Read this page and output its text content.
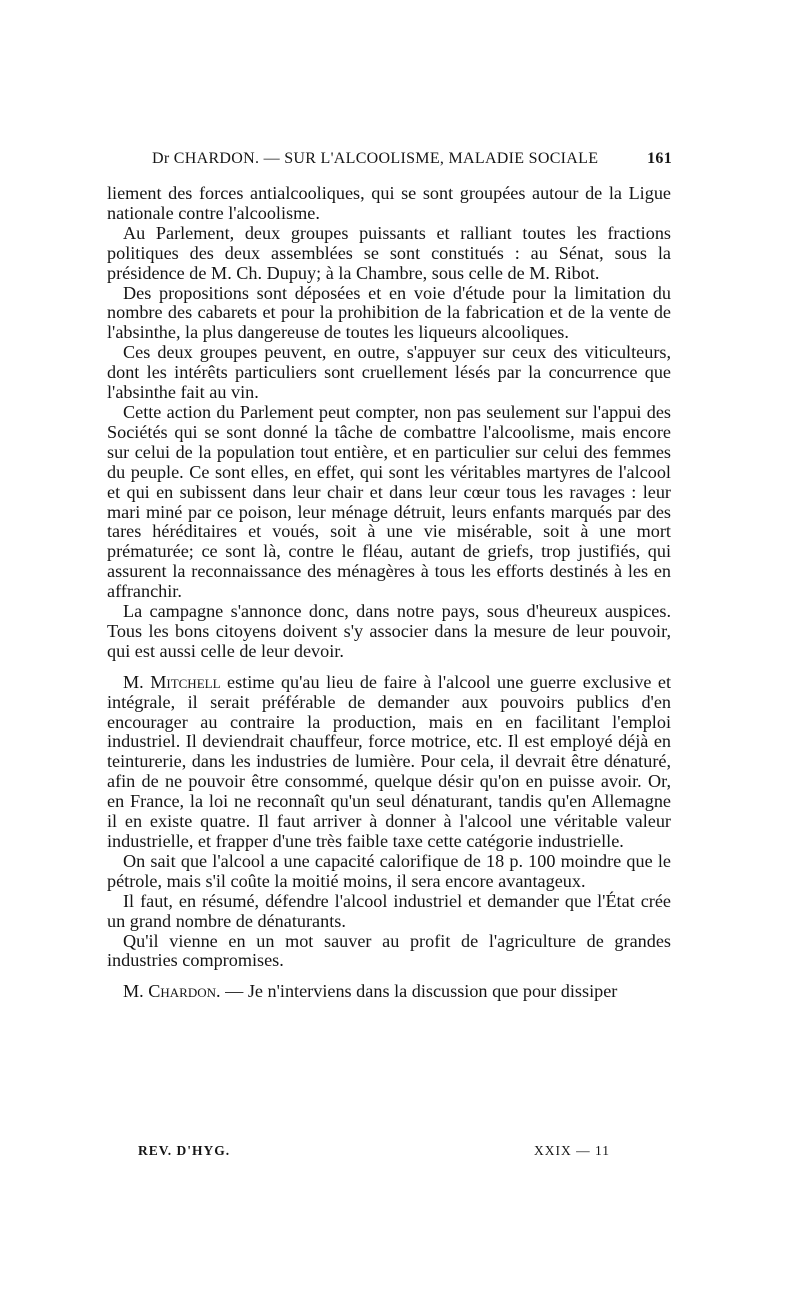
Dr CHARDON. — SUR L'ALCOOLISME, MALADIE SOCIALE	161

liement des forces antialcooliques, qui se sont groupées autour de la Ligue nationale contre l'alcoolisme.

Au Parlement, deux groupes puissants et ralliant toutes les fractions politiques des deux assemblées se sont constitués : au Sénat, sous la présidence de M. Ch. Dupuy; à la Chambre, sous celle de M. Ribot.

Des propositions sont déposées et en voie d'étude pour la limitation du nombre des cabarets et pour la prohibition de la fabrication et de la vente de l'absinthe, la plus dangereuse de toutes les liqueurs alcooliques.

Ces deux groupes peuvent, en outre, s'appuyer sur ceux des viticulteurs, dont les intérêts particuliers sont cruellement lésés par la concurrence que l'absinthe fait au vin.

Cette action du Parlement peut compter, non pas seulement sur l'appui des Sociétés qui se sont donné la tâche de combattre l'alcoolisme, mais encore sur celui de la population tout entière, et en particulier sur celui des femmes du peuple. Ce sont elles, en effet, qui sont les véritables martyres de l'alcool et qui en subissent dans leur chair et dans leur cœur tous les ravages : leur mari miné par ce poison, leur ménage détruit, leurs enfants marqués par des tares héréditaires et voués, soit à une vie misérable, soit à une mort prématurée; ce sont là, contre le fléau, autant de griefs, trop justifiés, qui assurent la reconnaissance des ménagères à tous les efforts destinés à les en affranchir.

La campagne s'annonce donc, dans notre pays, sous d'heureux auspices. Tous les bons citoyens doivent s'y associer dans la mesure de leur pouvoir, qui est aussi celle de leur devoir.

M. Mitchell estime qu'au lieu de faire à l'alcool une guerre exclusive et intégrale, il serait préférable de demander aux pouvoirs publics d'en encourager au contraire la production, mais en en facilitant l'emploi industriel. Il deviendrait chauffeur, force motrice, etc. Il est employé déjà en teinturerie, dans les industries de lumière. Pour cela, il devrait être dénaturé, afin de ne pouvoir être consommé, quelque désir qu'on en puisse avoir. Or, en France, la loi ne reconnaît qu'un seul dénaturant, tandis qu'en Allemagne il en existe quatre. Il faut arriver à donner à l'alcool une véritable valeur industrielle, et frapper d'une très faible taxe cette catégorie industrielle.

On sait que l'alcool a une capacité calorifique de 18 p. 100 moindre que le pétrole, mais s'il coûte la moitié moins, il sera encore avantageux.

Il faut, en résumé, défendre l'alcool industriel et demander que l'État crée un grand nombre de dénaturants.

Qu'il vienne en un mot sauver au profit de l'agriculture de grandes industries compromises.

M. Chardon. — Je n'interviens dans la discussion que pour dissiper

REV. D'HYG.	XXIX — 11
